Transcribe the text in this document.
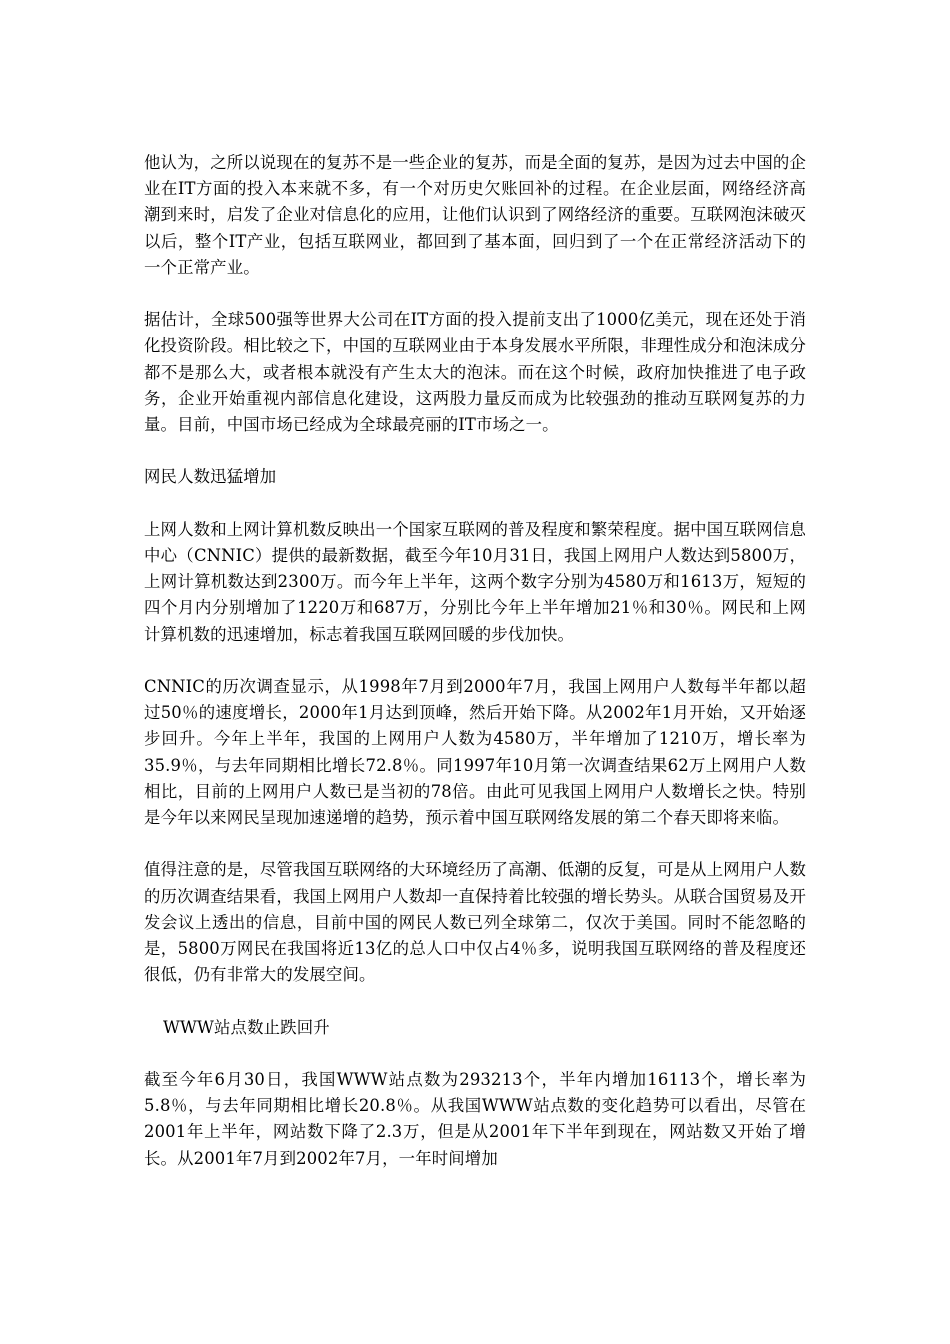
他认为，之所以说现在的复苏不是一些企业的复苏，而是全面的复苏，是因为过去中国的企业在IT方面的投入本来就不多，有一个对历史欠账回补的过程。在企业层面，网络经济高潮到来时，启发了企业对信息化的应用，让他们认识到了网络经济的重要。互联网泡沫破灭以后，整个IT产业，包括互联网业，都回到了基本面，回归到了一个在正常经济活动下的一个正常产业。

据估计，全球500强等世界大公司在IT方面的投入提前支出了1000亿美元，现在还处于消化投资阶段。相比较之下，中国的互联网业由于本身发展水平所限，非理性成分和泡沫成分都不是那么大，或者根本就没有产生太大的泡沫。而在这个时候，政府加快推进了电子政务，企业开始重视内部信息化建设，这两股力量反而成为比较强劲的推动互联网复苏的力量。目前，中国市场已经成为全球最亮丽的IT市场之一。

网民人数迅猛增加

上网人数和上网计算机数反映出一个国家互联网的普及程度和繁荣程度。据中国互联网信息中心（CNNIC）提供的最新数据，截至今年10月31日，我国上网用户人数达到5800万，上网计算机数达到2300万。而今年上半年，这两个数字分别为4580万和1613万，短短的四个月内分别增加了1220万和687万，分别比今年上半年增加21％和30％。网民和上网计算机数的迅速增加，标志着我国互联网回暖的步伐加快。

CNNIC的历次调查显示，从1998年7月到2000年7月，我国上网用户人数每半年都以超过50％的速度增长，2000年1月达到顶峰，然后开始下降。从2002年1月开始，又开始逐步回升。今年上半年，我国的上网用户人数为4580万，半年增加了1210万，增长率为35.9％，与去年同期相比增长72.8％。同1997年10月第一次调查结果62万上网用户人数相比，目前的上网用户人数已是当初的78倍。由此可见我国上网用户人数增长之快。特别是今年以来网民呈现加速递增的趋势，预示着中国互联网络发展的第二个春天即将来临。

值得注意的是，尽管我国互联网络的大环境经历了高潮、低潮的反复，可是从上网用户人数的历次调查结果看，我国上网用户人数却一直保持着比较强的增长势头。从联合国贸易及开发会议上透出的信息，目前中国的网民人数已列全球第二，仅次于美国。同时不能忽略的是，5800万网民在我国将近13亿的总人口中仅占4％多，说明我国互联网络的普及程度还很低，仍有非常大的发展空间。

WWW站点数止跌回升

截至今年6月30日，我国WWW站点数为293213个，半年内增加16113个，增长率为5.8％，与去年同期相比增长20.8％。从我国WWW站点数的变化趋势可以看出，尽管在2001年上半年，网站数下降了2.3万，但是从2001年下半年到现在，网站数又开始了增长。从2001年7月到2002年7月，一年时间增加
